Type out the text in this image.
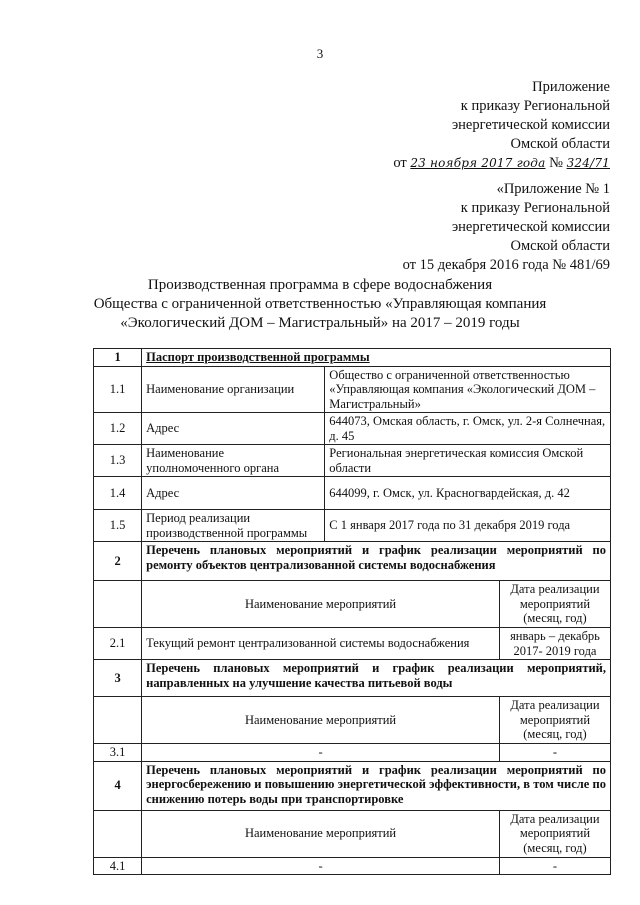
3
Приложение
к приказу Региональной
энергетической комиссии
Омской области
от 23 ноября 2017 года № 324/71
«Приложение № 1
к приказу Региональной
энергетической комиссии
Омской области
от 15 декабря 2016 года № 481/69
Производственная программа в сфере водоснабжения
Общества с ограниченной ответственностью «Управляющая компания
«Экологический ДОМ – Магистральный» на 2017 – 2019 годы
1	Паспорт производственной программы		
1.1	Наименование организации	Общество с ограниченной ответственностью «Управляющая компания «Экологический ДОМ – Магистральный»	
1.2	Адрес	644073, Омская область, г. Омск, ул. 2-я Солнечная, д. 45	
1.3	Наименование уполномоченного органа	Региональная энергетическая комиссия Омской области	
1.4	Адрес	644099, г. Омск, ул. Красногвардейская, д. 42	
1.5	Период реализации производственной программы	С 1 января 2017 года по 31 декабря 2019 года	
2	Перечень плановых мероприятий и график реализации мероприятий по ремонту объектов централизованной системы водоснабжения		
	Наименование мероприятий		Дата реализации мероприятий (месяц, год)
2.1	Текущий ремонт централизованной системы водоснабжения		январь – декабрь 2017- 2019 года
3	Перечень плановых мероприятий и график реализации мероприятий, направленных на улучшение качества питьевой воды		
	Наименование мероприятий		Дата реализации мероприятий (месяц, год)
3.1	-		-
4	Перечень плановых мероприятий и график реализации мероприятий по энергосбережению и повышению энергетической эффективности, в том числе по снижению потерь воды при транспортировке		
	Наименование мероприятий		Дата реализации мероприятий (месяц, год)
4.1	-		-
